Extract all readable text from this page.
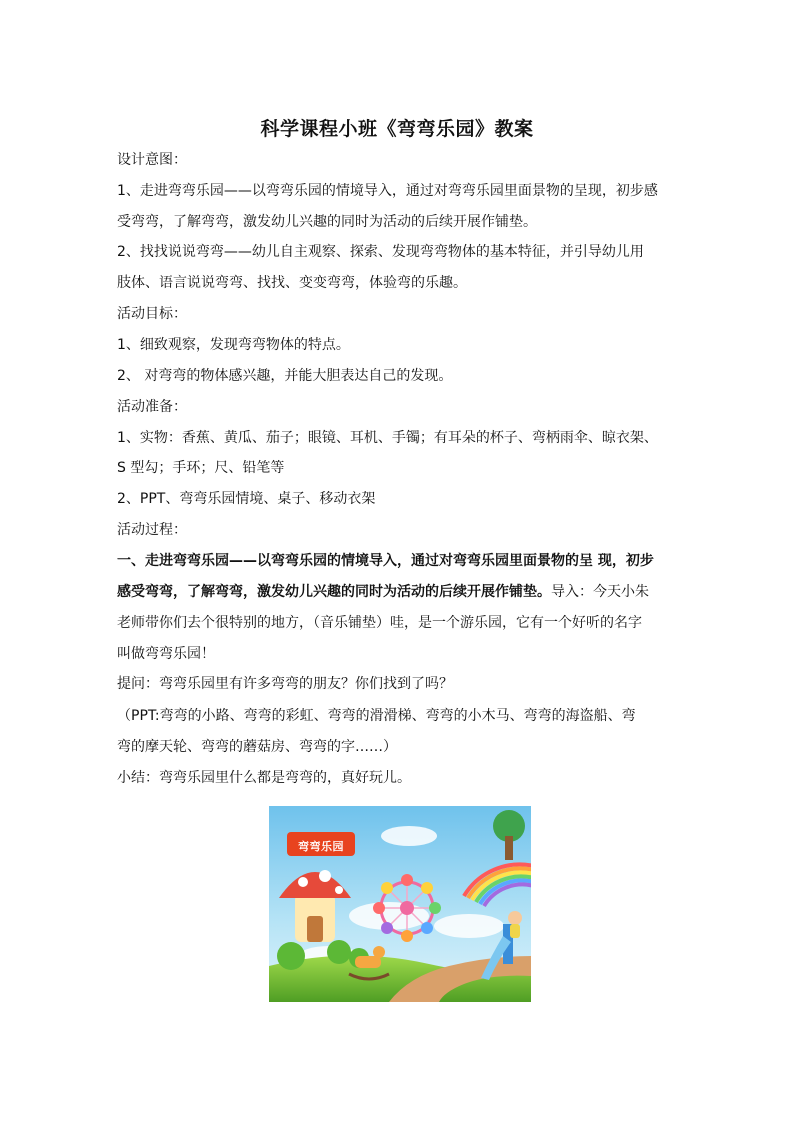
科学课程小班《弯弯乐园》教案
设计意图：
1、走进弯弯乐园——以弯弯乐园的情境导入，通过对弯弯乐园里面景物的呈现，初步感
受弯弯，了解弯弯，激发幼儿兴趣的同时为活动的后续开展作铺垫。
2、找找说说弯弯——幼儿自主观察、探索、发现弯弯物体的基本特征，并引导幼儿用
肢体、语言说说弯弯、找找、变变弯弯，体验弯的乐趣。
活动目标：
1、细致观察，发现弯弯物体的特点。
2、 对弯弯的物体感兴趣，并能大胆表达自己的发现。
活动准备：
1、实物：香蕉、黄瓜、茄子；眼镜、耳机、手镯；有耳朵的杯子、弯柄雨伞、晾衣架、
S 型勾；手环；尺、铅笔等
2、PPT、弯弯乐园情境、桌子、移动衣架
活动过程：
一、走进弯弯乐园——以弯弯乐园的情境导入，通过对弯弯乐园里面景物的呈 现，初步
感受弯弯，了解弯弯，激发幼儿兴趣的同时为活动的后续开展作铺垫。导入：今天小朱
老师带你们去个很特别的地方，（音乐铺垫）哇，是一个游乐园，它有一个好听的名字
叫做弯弯乐园！
提问：弯弯乐园里有许多弯弯的朋友？你们找到了吗？
（PPT:弯弯的小路、弯弯的彩虹、弯弯的滑滑梯、弯弯的小木马、弯弯的海盗船、弯
弯的摩天轮、弯弯的蘑菇房、弯弯的字……）
小结：弯弯乐园里什么都是弯弯的，真好玩儿。
弯弯乐园
